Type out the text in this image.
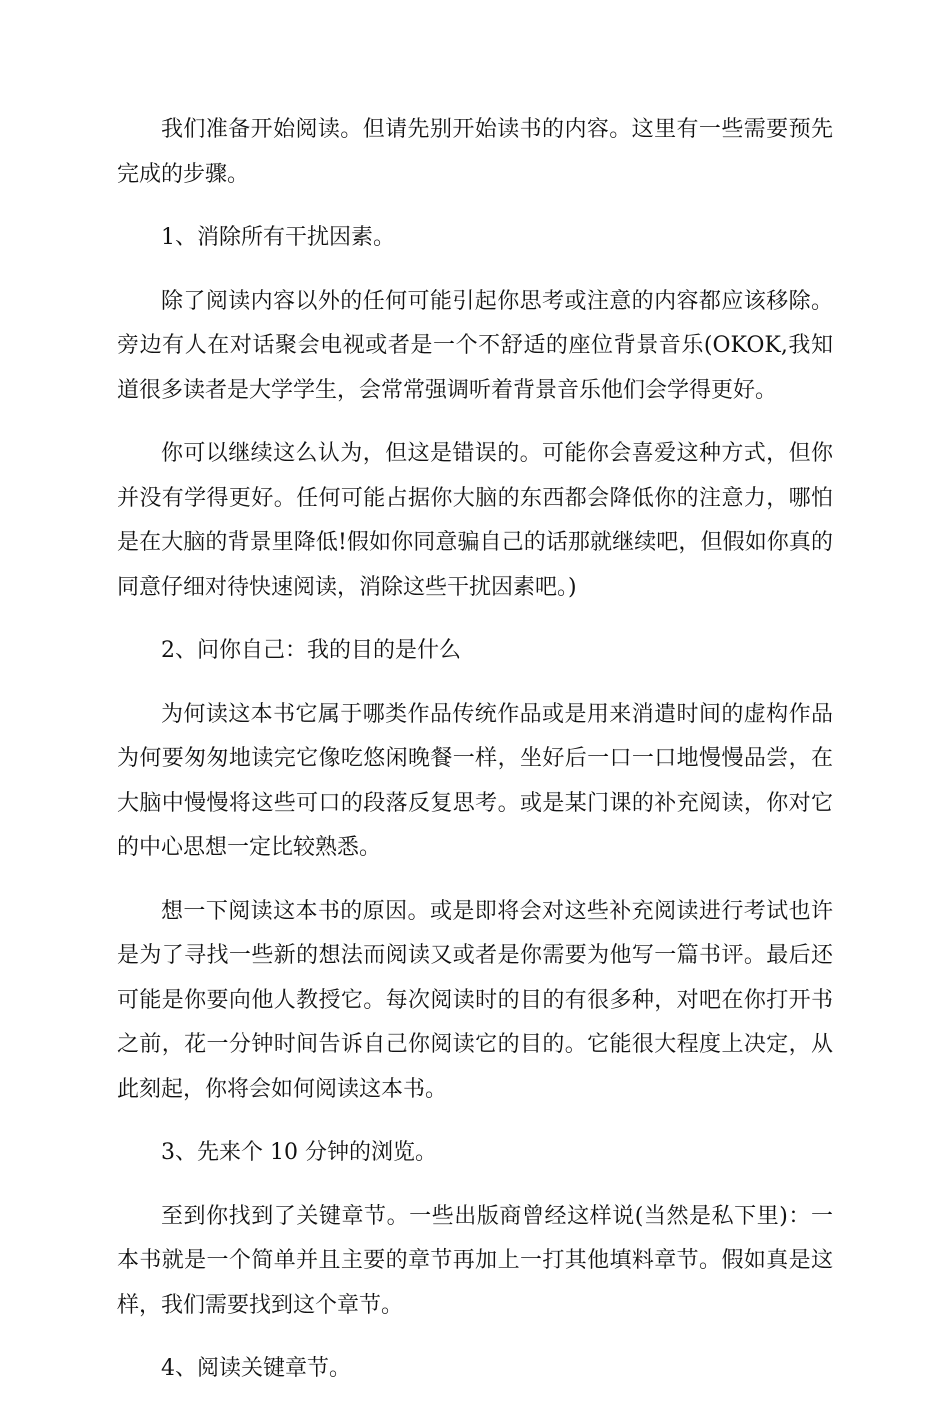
我们准备开始阅读。但请先别开始读书的内容。这里有一些需要预先完成的步骤。

1、消除所有干扰因素。

除了阅读内容以外的任何可能引起你思考或注意的内容都应该移除。旁边有人在对话聚会电视或者是一个不舒适的座位背景音乐(OKOK,我知道很多读者是大学学生，会常常强调听着背景音乐他们会学得更好。

你可以继续这么认为，但这是错误的。可能你会喜爱这种方式，但你并没有学得更好。任何可能占据你大脑的东西都会降低你的注意力，哪怕是在大脑的背景里降低!假如你同意骗自己的话那就继续吧，但假如你真的同意仔细对待快速阅读，消除这些干扰因素吧。)

2、问你自己：我的目的是什么

为何读这本书它属于哪类作品传统作品或是用来消遣时间的虚构作品为何要匆匆地读完它像吃悠闲晚餐一样，坐好后一口一口地慢慢品尝，在大脑中慢慢将这些可口的段落反复思考。或是某门课的补充阅读，你对它的中心思想一定比较熟悉。

想一下阅读这本书的原因。或是即将会对这些补充阅读进行考试也许是为了寻找一些新的想法而阅读又或者是你需要为他写一篇书评。最后还可能是你要向他人教授它。每次阅读时的目的有很多种，对吧在你打开书之前，花一分钟时间告诉自己你阅读它的目的。它能很大程度上决定，从此刻起，你将会如何阅读这本书。

3、先来个 10 分钟的浏览。

至到你找到了关键章节。一些出版商曾经这样说(当然是私下里)：一本书就是一个简单并且主要的章节再加上一打其他填料章节。假如真是这样，我们需要找到这个章节。

4、阅读关键章节。
